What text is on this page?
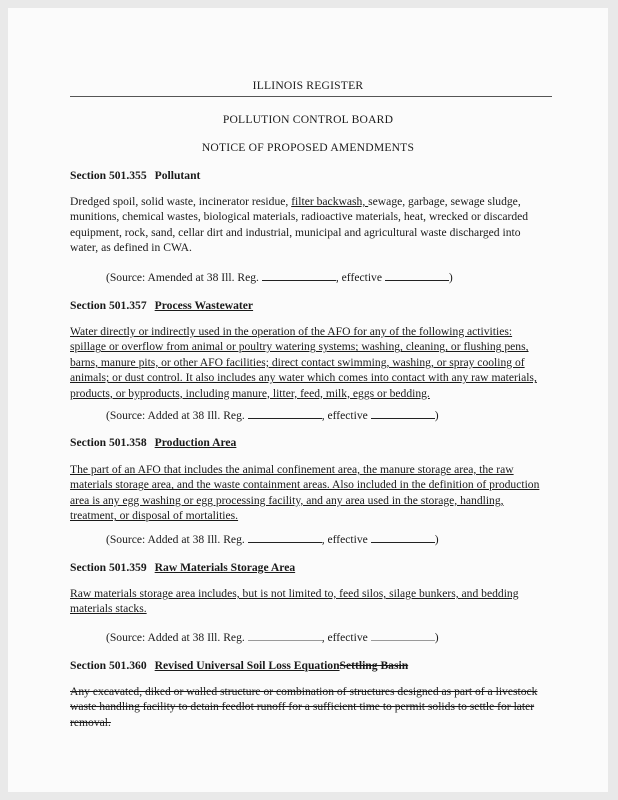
ILLINOIS REGISTER
POLLUTION CONTROL BOARD
NOTICE OF PROPOSED AMENDMENTS
Section 501.355 Pollutant
Dredged spoil, solid waste, incinerator residue, filter backwash, sewage, garbage, sewage sludge, munitions, chemical wastes, biological materials, radioactive materials, heat, wrecked or discarded equipment, rock, sand, cellar dirt and industrial, municipal and agricultural waste discharged into water, as defined in CWA.
(Source: Amended at 38 Ill. Reg.	, effective	)
Section 501.357 Process Wastewater
Water directly or indirectly used in the operation of the AFO for any of the following activities: spillage or overflow from animal or poultry watering systems; washing, cleaning, or flushing pens, barns, manure pits, or other AFO facilities; direct contact swimming, washing, or spray cooling of animals; or dust control. It also includes any water which comes into contact with any raw materials, products, or byproducts, including manure, litter, feed, milk, eggs or bedding.
(Source: Added at 38 Ill. Reg.	, effective	)
Section 501.358 Production Area
The part of an AFO that includes the animal confinement area, the manure storage area, the raw materials storage area, and the waste containment areas. Also included in the definition of production area is any egg washing or egg processing facility, and any area used in the storage, handling, treatment, or disposal of mortalities.
(Source: Added at 38 Ill. Reg.	, effective	)
Section 501.359 Raw Materials Storage Area
Raw materials storage area includes, but is not limited to, feed silos, silage bunkers, and bedding materials stacks.
(Source: Added at 38 Ill. Reg.	, effective	)
Section 501.360 Revised Universal Soil Loss EquationSettling Basin
Any excavated, diked or walled structure or combination of structures designed as part of a livestock waste handling facility to detain feedlot runoff for a sufficient time to permit solids to settle for later removal.
